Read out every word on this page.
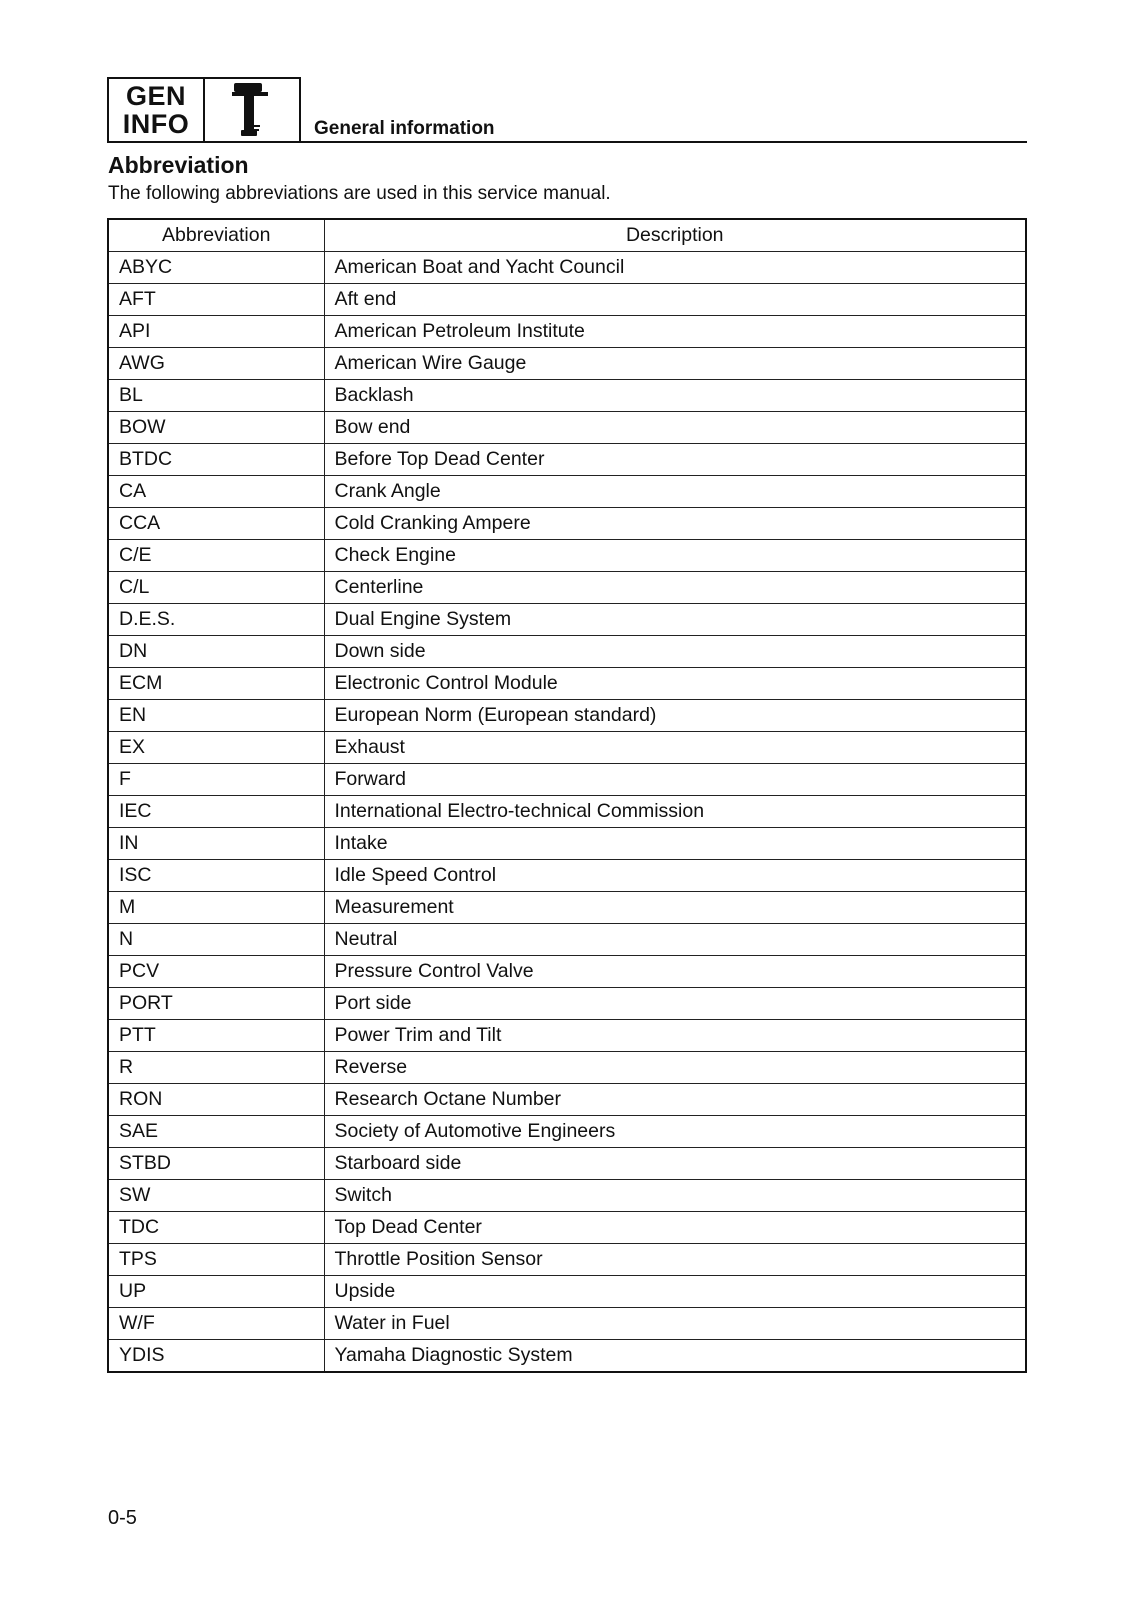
GEN
INFO	General information
Abbreviation
The following abbreviations are used in this service manual.
Abbreviation	Description
ABYC	American Boat and Yacht Council
AFT	Aft end
API	American Petroleum Institute
AWG	American Wire Gauge
BL	Backlash
BOW	Bow end
BTDC	Before Top Dead Center
CA	Crank Angle
CCA	Cold Cranking Ampere
C/E	Check Engine
C/L	Centerline
D.E.S.	Dual Engine System
DN	Down side
ECM	Electronic Control Module
EN	European Norm (European standard)
EX	Exhaust
F	Forward
IEC	International Electro-technical Commission
IN	Intake
ISC	Idle Speed Control
M	Measurement
N	Neutral
PCV	Pressure Control Valve
PORT	Port side
PTT	Power Trim and Tilt
R	Reverse
RON	Research Octane Number
SAE	Society of Automotive Engineers
STBD	Starboard side
SW	Switch
TDC	Top Dead Center
TPS	Throttle Position Sensor
UP	Upside
W/F	Water in Fuel
YDIS	Yamaha Diagnostic System
0-5
